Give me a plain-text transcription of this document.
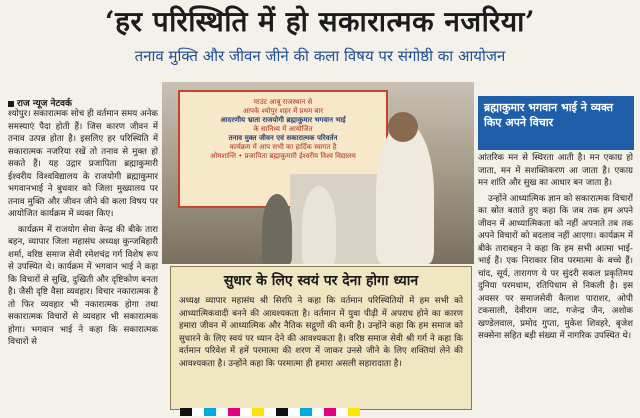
‘हर परिस्थिति में हो सकारात्मक नजरिया’
तनाव मुक्ति और जीवन जीने की कला विषय पर संगोष्ठी का आयोजन
राज न्यूज नेटवर्क

श्योपुर। सकारात्मक सोच ही वर्तमान समय अनेक समस्याएं पैदा होती हैं। जिस कारण जीवन में तनाव उत्पन्न होता है। इसलिए हर परिस्थिति में सकारात्मक नजरिया रखें तो तनाव से मुक्त हो सकते हैं। यह उद्गार प्रजापिता ब्रह्माकुमारी ईश्वरीय विश्वविद्यालय के राजयोगी ब्रह्माकुमार भगवानभाई ने बुधवार को जिला मुख्यालय पर तनाव मुक्ति और जीवन जीने की कला विषय पर आयोजित कार्यक्रम में व्यक्त किए।

कार्यक्रम में राजयोग सेवा केन्द्र की बीके तारा बहन, व्यापार जिला महासंघ अध्यक्ष कुन्जबिहारी शर्मा, वरिष्ठ समाज सेवी रमेशचंद्र गर्ग विशेष रूप से उपस्थित थे। कार्यक्रम में भगवान भाई ने कहा कि विचारों से सुखि, दुखिती और दृष्टिकोण बनता है। जैसी दृष्टि वैसा व्यवहार। विचार नकारात्मक है तो फिर व्यवहार भी नकारात्मक होगा तथा सकारात्मक विचारों से व्यवहार भी सकारात्मक होगा। भगवान भाई ने कहा कि सकारात्मक विचारों से

माउंट आबू राजस्थान से
आपके श्योपुर शहर में प्रथम बार
आदरणीय भ्राता राजयोगी ब्रह्माकुमार भगवान भाई
के सानिध्य में आयोजित
तनाव मुक्त जीवन एवं सकारात्मक परिवर्तन
कार्यक्रम में आप सभी का हार्दिक स्वागत है
ओमशान्ति • प्रजापिता ब्रह्माकुमारी ईश्वरीय विश्व विद्यालय
ब्रह्माकुमार भगवान भाई ने व्यक्त किए अपने विचार

आंतरिक मन से स्थिरता आती है। मन एकाग्र हो जाता, मन में सशक्तिकरण आ जाता है। एकाग्र मन शांति और सुख का आधार बन जाता है।

उन्होंने आध्यात्मिक ज्ञान को सकारात्मक विचारों का स्रोत बताते हुए कहा कि जब तक हम अपने जीवन में आध्यात्मिकता को नहीं अपनाते तब तक अपने विचारों को बदलाव नहीं आएगा। कार्यक्रम में बीके ताराबहन ने कहा कि हम सभी आत्मा भाई-भाई हैं। एक निराकार शिव परमात्मा के बच्चे हैं। चांद, सूर्य, तारागण ये पर सुंदरी सकल प्रकृतिमय दुनिया परमधाम, रतिपिधाम से निकली है। इस अवसर पर समाजसेवी कैलाश पाराशर, ओपी टकसाली, देवीराम जाट, गजेन्द्र जैन, अशोक खण्डेलवाल, प्रमोद गुप्ता, मुकेश शिवहरे, बृजेश सक्सेना सहित बड़ी संख्या में नागरिक उपस्थित थे।

सुधार के लिए स्वयं पर देना होगा ध्यान
अध्यक्ष व्यापार महासंघ श्री सिरपि ने कहा कि वर्तमान परिस्थितियों में हम सभी को आध्यात्मिकवादी बनने की आवश्यकता है। वर्तमान में युवा पीढ़ी में अपराध होने का कारण हमारा जीवन में आध्यात्मिक और नैतिक सद्गुणों की कमी है। उन्होंने कहा कि हम समाज को सुधारने के लिए स्वयं पर ध्यान देने की आवश्यकता है। वरिष्ठ समाज सेवी श्री गर्ग ने कहा कि वर्तमान परिवेश में हमें परमात्मा की शरण में जाकर उनसे जीने के लिए शक्तियां लेने की आवश्यकता है। उन्होंने कहा कि परमात्मा ही हमारा असली सहारादाता है।
